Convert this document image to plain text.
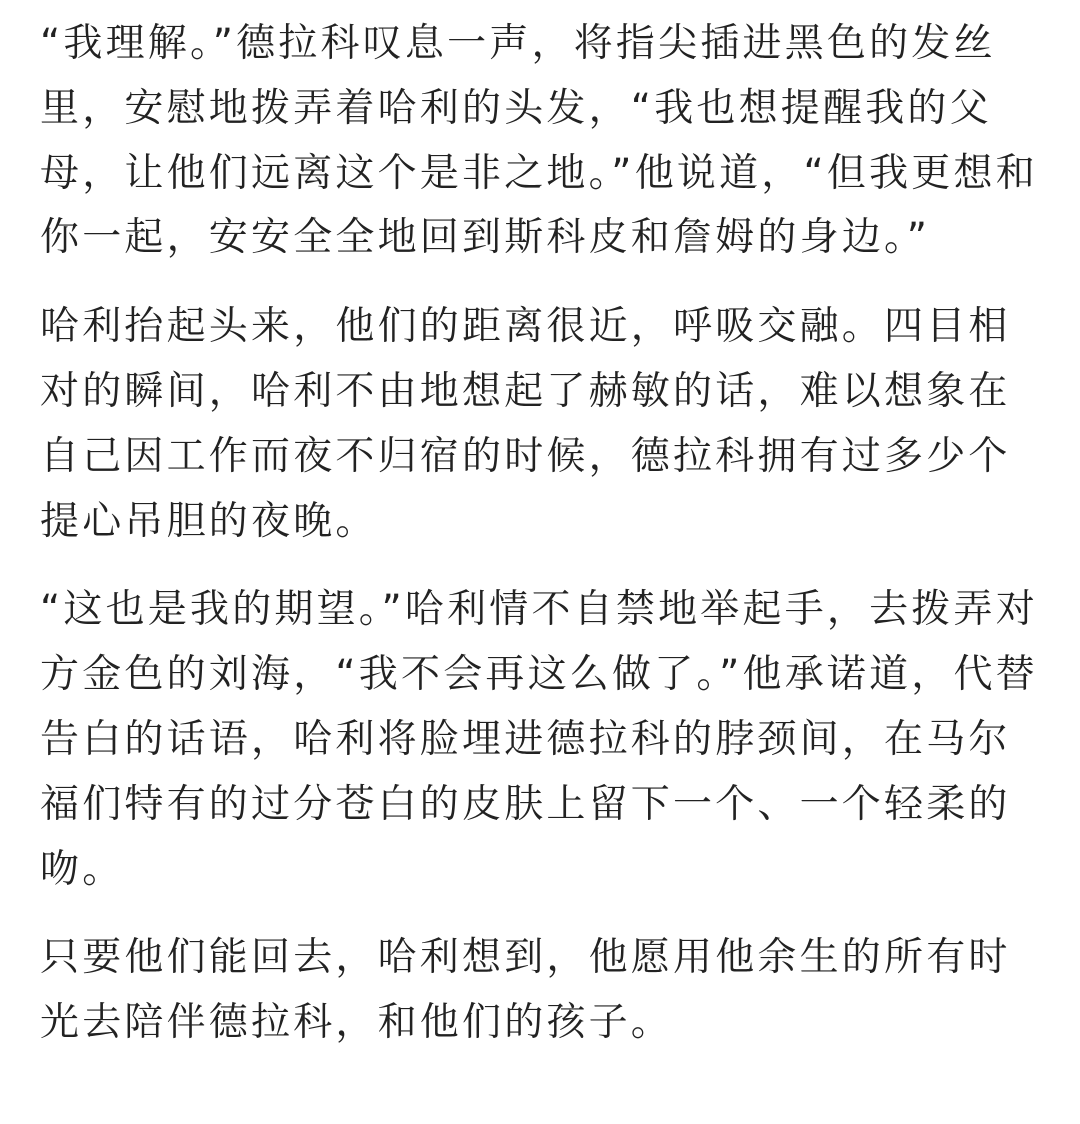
“我理解。”德拉科叹息一声，将指尖插进黑色的发丝里，安慰地拨弄着哈利的头发，“我也想提醒我的父母，让他们远离这个是非之地。”他说道，“但我更想和你一起，安安全全地回到斯科皮和詹姆的身边。”

哈利抬起头来，他们的距离很近，呼吸交融。四目相对的瞬间，哈利不由地想起了赫敏的话，难以想象在自己因工作而夜不归宿的时候，德拉科拥有过多少个提心吊胆的夜晚。

“这也是我的期望。”哈利情不自禁地举起手，去拨弄对方金色的刘海，“我不会再这么做了。”他承诺道，代替告白的话语，哈利将脸埋进德拉科的脖颈间，在马尔福们特有的过分苍白的皮肤上留下一个、一个轻柔的吻。

只要他们能回去，哈利想到，他愿用他余生的所有时光去陪伴德拉科，和他们的孩子。
